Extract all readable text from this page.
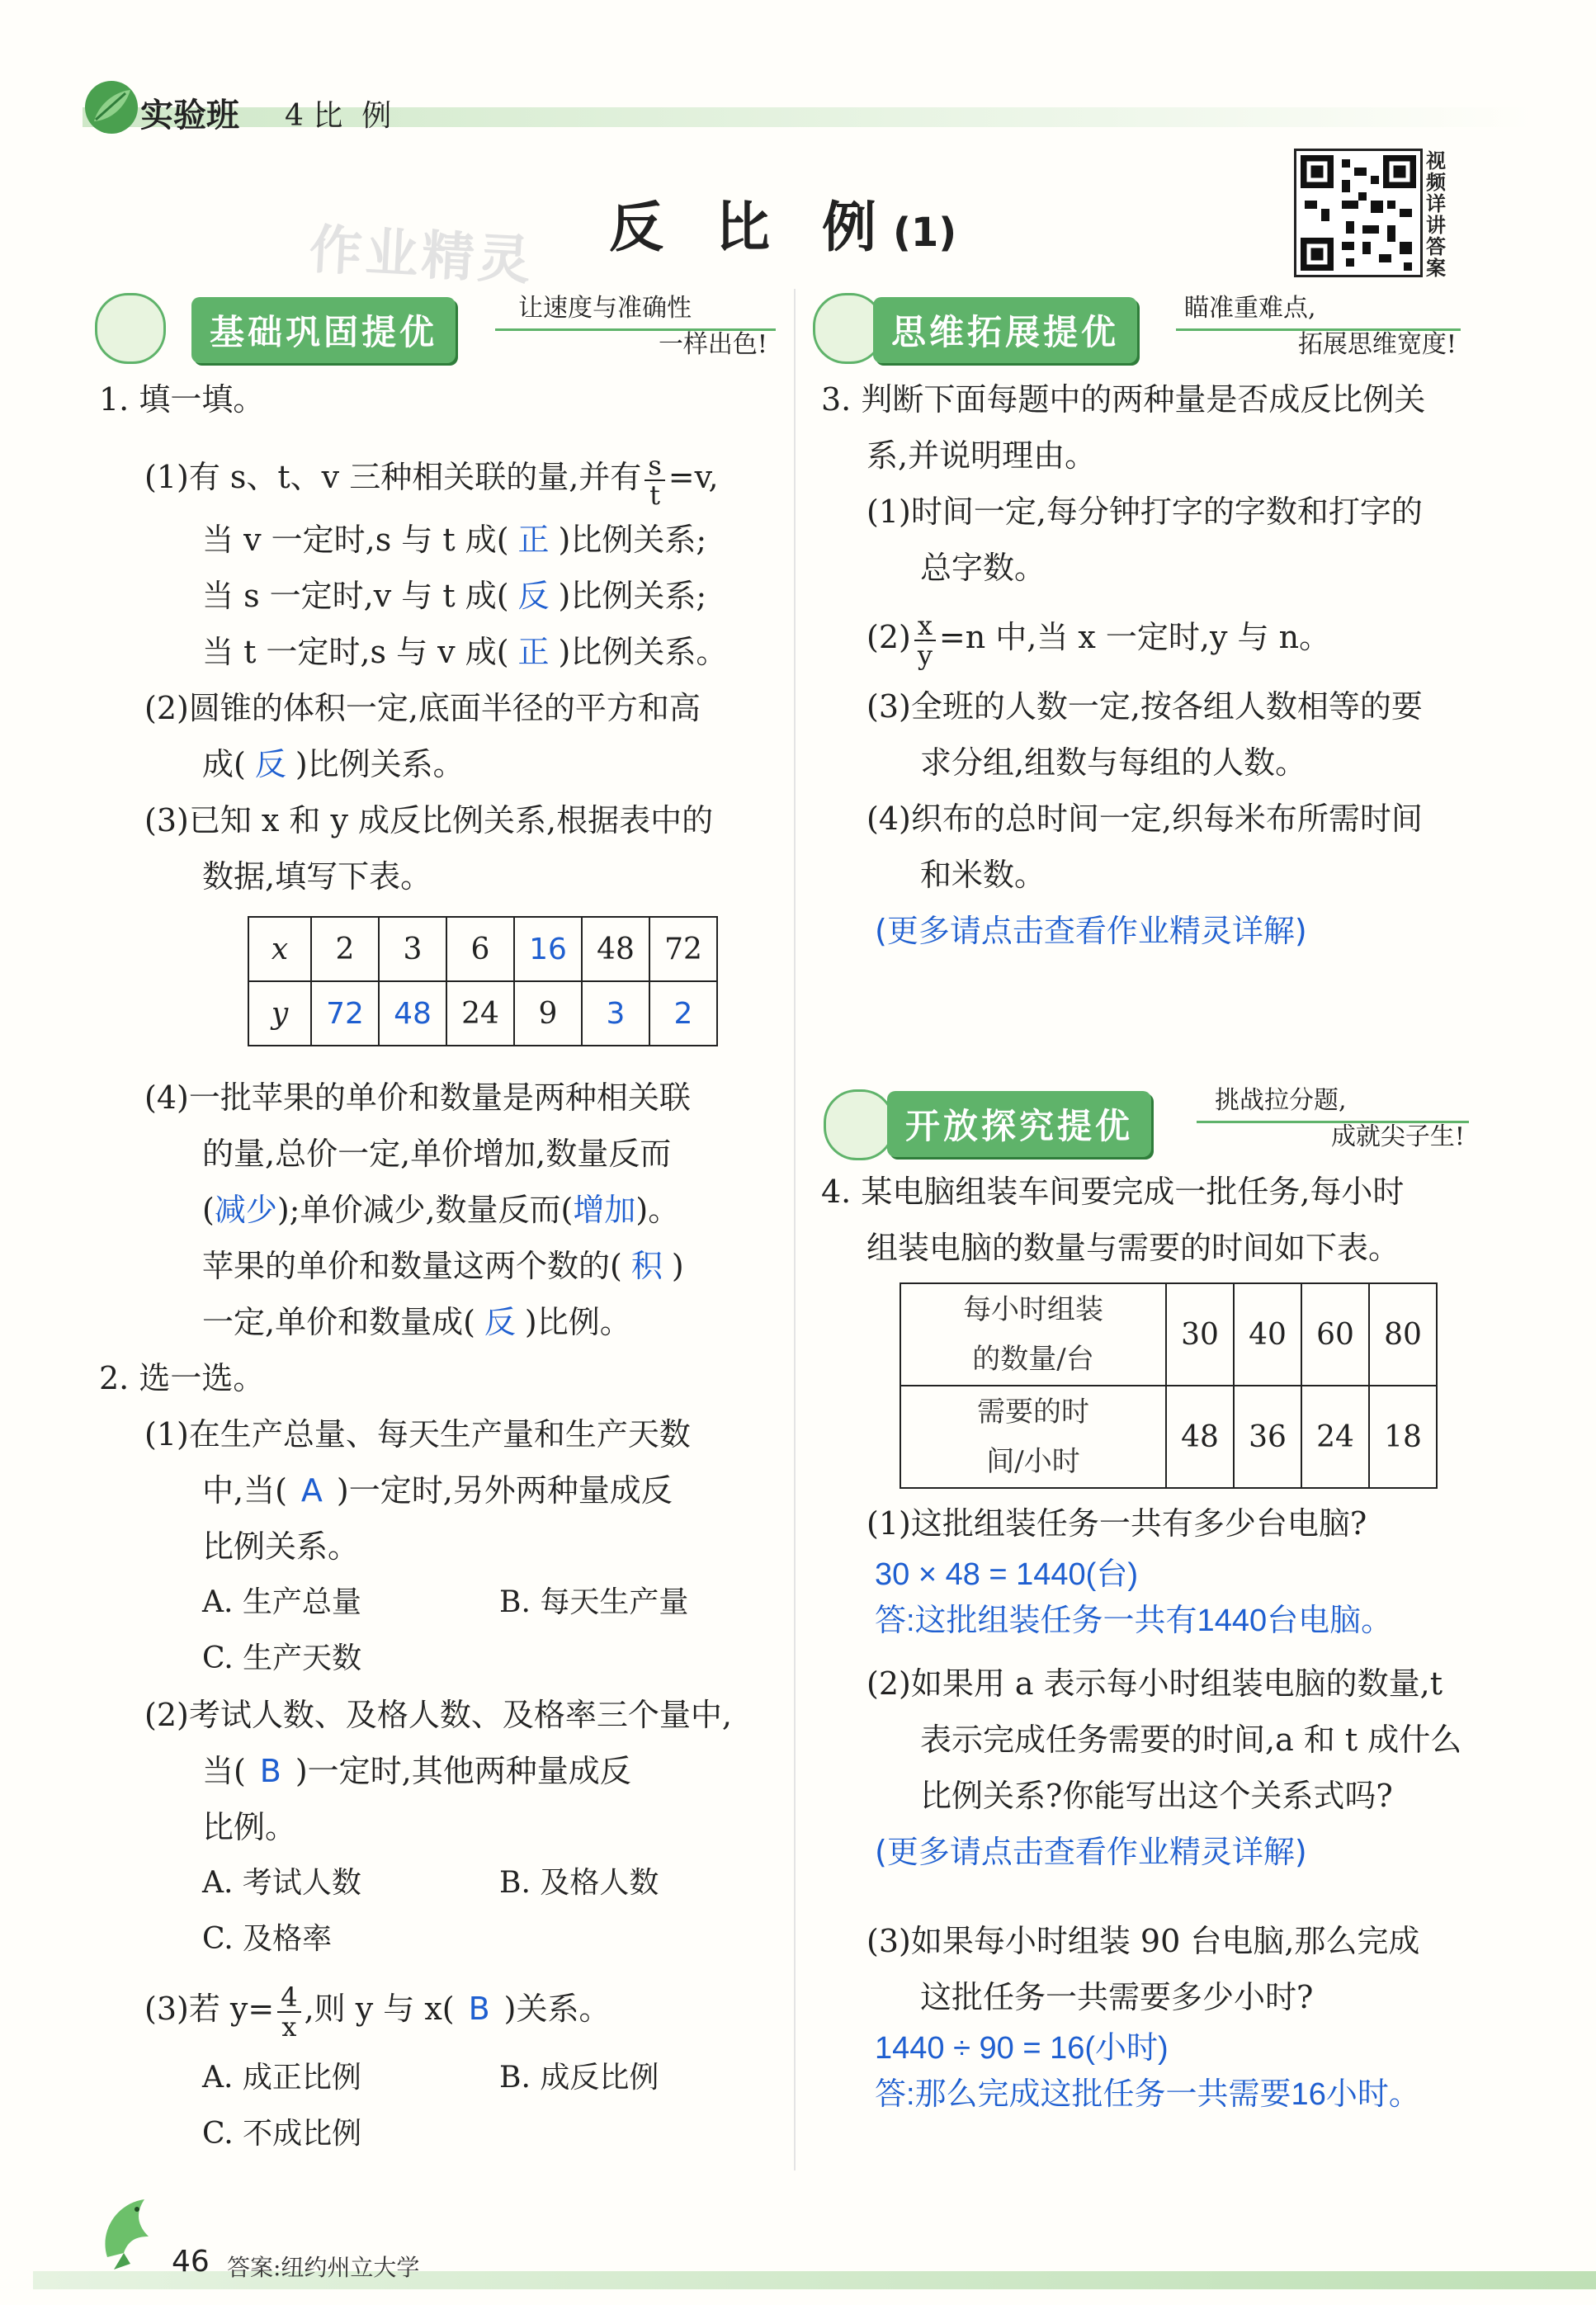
实验班 4 比  例
作业精灵 反 比 例(1)
视频详讲答案
基础巩固提优
让速度与准确性
一样出色!	思维拓展提优
瞄准重难点,
拓展思维宽度!
开放探究提优
挑战拉分题,
成就尖子生!
1. 填一填。
(1)有 s、t、v 三种相关联的量,并有 $\frac{s}{t} =v$,
当 v 一定时,s 与 t 成( 正 )比例关系;
当 s 一定时,v 与 t 成( 反 )比例关系;
当 t 一定时,s 与 v 成( 正 )比例关系。
(2)圆锥的体积一定,底面半径的平方和高
成( 反 )比例关系。
(3)已知 x 和 y 成反比例关系,根据表中的
数据,填写下表。
x	2	3	6	16	48	72
y	72	48	24	9	3	2
(4)一批苹果的单价和数量是两种相关联
的量,总价一定,单价增加,数量反而
(减少);单价减少,数量反而(增加)。
苹果的单价和数量这两个数的( 积 )
一定,单价和数量成( 反 )比例。
2. 选一选。
(1)在生产总量、每天生产量和生产天数
中,当( A )一定时,另外两种量成反
比例关系。
A. 生产总量	B. 每天生产量
C. 生产天数
(2)考试人数、及格人数、及格率三个量中,
当( B )一定时,其他两种量成反
比例。
A. 考试人数	B. 及格人数
C. 及格率
(3)若 $y= \frac{4}{x}$ ,则 y 与 x( B )关系。
A. 成正比例	B. 成反比例
C. 不成比例
3. 判断下面每题中的两种量是否成反比例关
系,并说明理由。
(1)时间一定,每分钟打字的字数和打字的
总字数。
$(2) \frac{x}{y} =n$ 中,当 x 一定时,y 与 n。
(3)全班的人数一定,按各组人数相等的要
求分组,组数与每组的人数。
(4)织布的总时间一定,织每米布所需时间
和米数。
(更多请点击查看作业精灵详解)
4. 某电脑组装车间要完成一批任务,每小时
组装电脑的数量与需要的时间如下表。
每小时组装
的数量/台	30	40	60	80

需要的时
间/小时	48	36	24	18
(1)这批组装任务一共有多少台电脑?
30 × 48 = 1440(台)
答:这批组装任务一共有1440台电脑。
(2)如果用 a 表示每小时组装电脑的数量,t
表示完成任务需要的时间,a 和 t 成什么
比例关系?你能写出这个关系式吗?
(更多请点击查看作业精灵详解)
(3)如果每小时组装 90 台电脑,那么完成
这批任务一共需要多少小时?
1440 ÷ 90 = 16(小时)
答:那么完成这批任务一共需要16小时。
46 答案:纽约州立大学
